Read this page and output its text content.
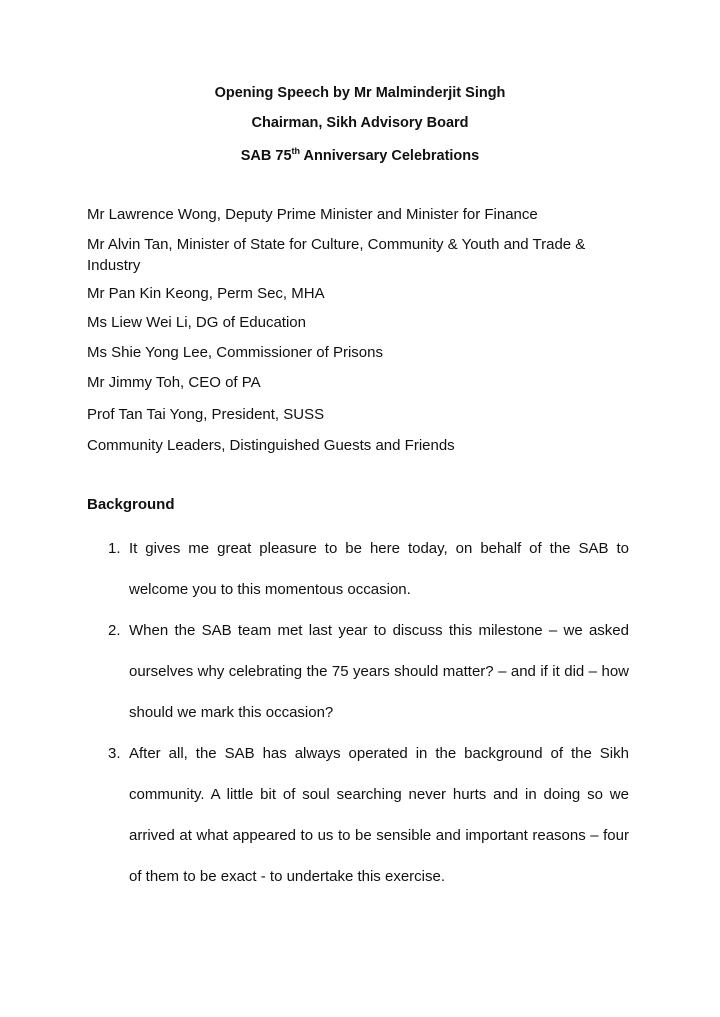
Opening Speech by Mr Malminderjit Singh
Chairman, Sikh Advisory Board
SAB 75th Anniversary Celebrations
Mr Lawrence Wong, Deputy Prime Minister and Minister for Finance
Mr Alvin Tan, Minister of State for Culture, Community & Youth and Trade & Industry
Mr Pan Kin Keong, Perm Sec, MHA
Ms Liew Wei Li, DG of Education
Ms Shie Yong Lee, Commissioner of Prisons
Mr Jimmy Toh, CEO of PA
Prof Tan Tai Yong, President, SUSS
Community Leaders, Distinguished Guests and Friends
Background
1. It gives me great pleasure to be here today, on behalf of the SAB to welcome you to this momentous occasion.
2. When the SAB team met last year to discuss this milestone – we asked ourselves why celebrating the 75 years should matter? – and if it did – how should we mark this occasion?
3. After all, the SAB has always operated in the background of the Sikh community. A little bit of soul searching never hurts and in doing so we arrived at what appeared to us to be sensible and important reasons – four of them to be exact - to undertake this exercise.
